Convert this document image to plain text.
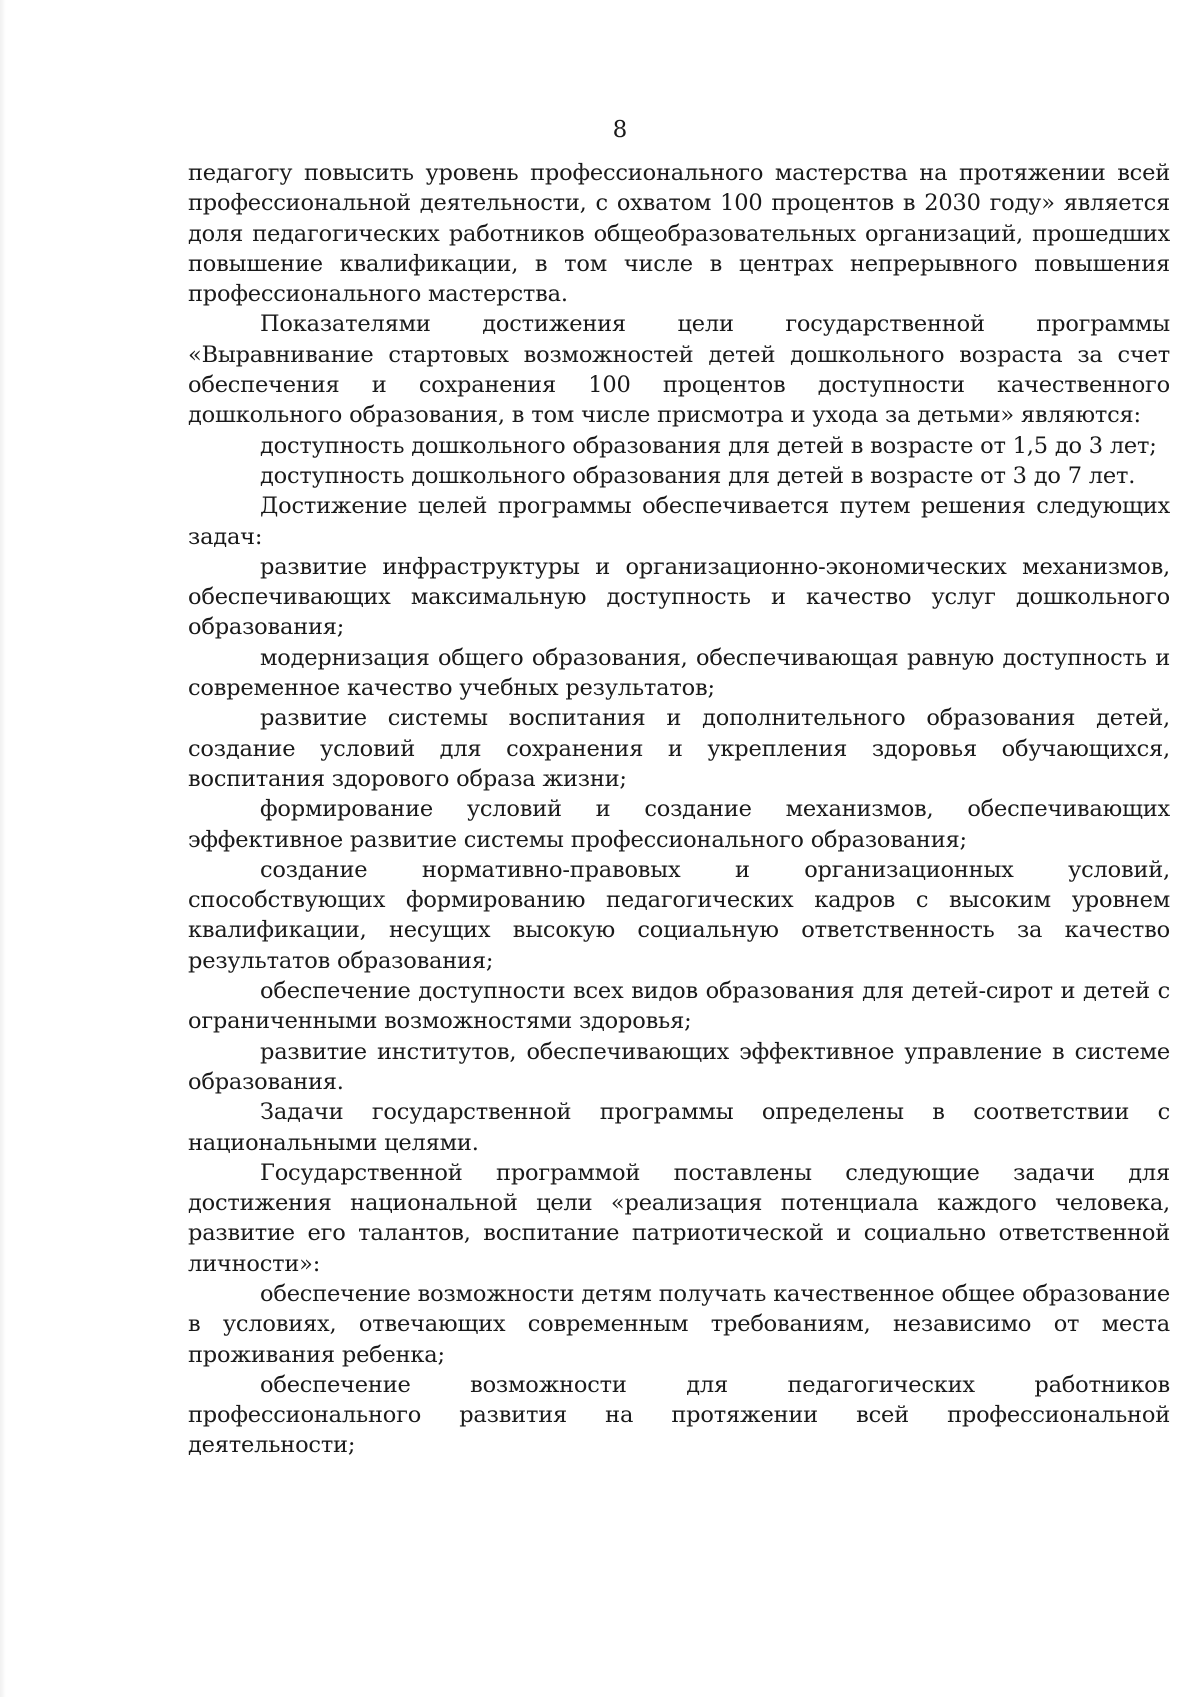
8

педагогу повысить уровень профессионального мастерства на протяжении всей профессиональной деятельности, с охватом 100 процентов в 2030 году» является доля педагогических работников общеобразовательных организаций, прошедших повышение квалификации, в том числе в центрах непрерывного повышения профессионального мастерства.

Показателями достижения цели государственной программы «Выравнивание стартовых возможностей детей дошкольного возраста за счет обеспечения и сохранения 100 процентов доступности качественного дошкольного образования, в том числе присмотра и ухода за детьми» являются:

доступность дошкольного образования для детей в возрасте от 1,5 до 3 лет;

доступность дошкольного образования для детей в возрасте от 3 до 7 лет.

Достижение целей программы обеспечивается путем решения следующих задач:

развитие инфраструктуры и организационно-экономических механизмов, обеспечивающих максимальную доступность и качество услуг дошкольного образования;

модернизация общего образования, обеспечивающая равную доступность и современное качество учебных результатов;

развитие системы воспитания и дополнительного образования детей, создание условий для сохранения и укрепления здоровья обучающихся, воспитания здорового образа жизни;

формирование условий и создание механизмов, обеспечивающих эффективное развитие системы профессионального образования;

создание нормативно-правовых и организационных условий, способствующих формированию педагогических кадров с высоким уровнем квалификации, несущих высокую социальную ответственность за качество результатов образования;

обеспечение доступности всех видов образования для детей-сирот и детей с ограниченными возможностями здоровья;

развитие институтов, обеспечивающих эффективное управление в системе образования.

Задачи государственной программы определены в соответствии с национальными целями.

Государственной программой поставлены следующие задачи для достижения национальной цели «реализация потенциала каждого человека, развитие его талантов, воспитание патриотической и социально ответственной личности»:

обеспечение возможности детям получать качественное общее образование в условиях, отвечающих современным требованиям, независимо от места проживания ребенка;

обеспечение возможности для педагогических работников профессионального развития на протяжении всей профессиональной деятельности;
